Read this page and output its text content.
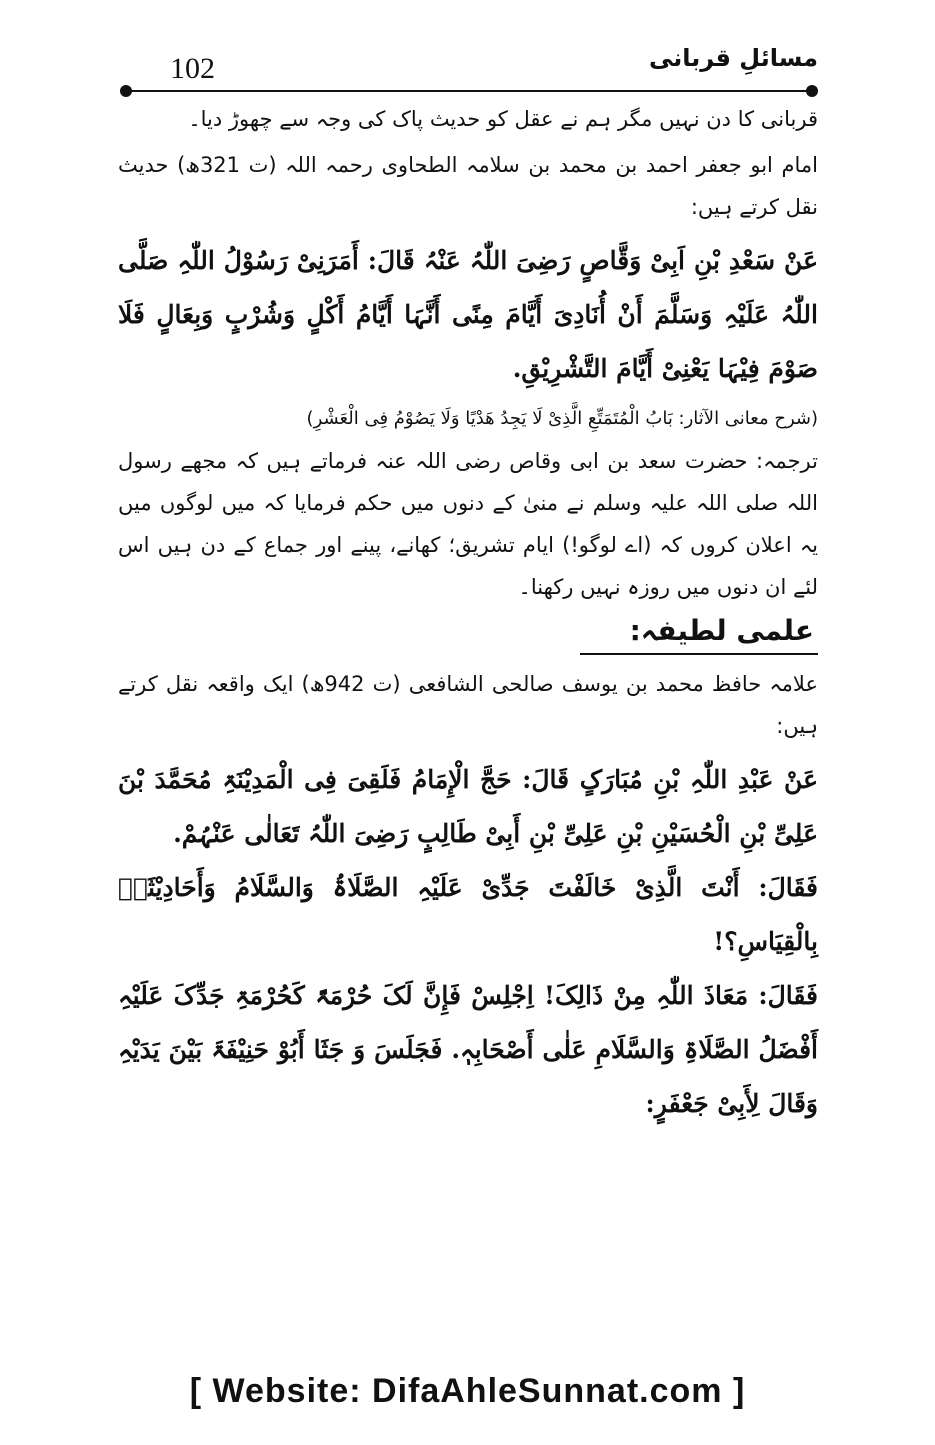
102	مسائلِ قربانی

قربانی کا دن نہیں مگر ہم نے عقل کو حدیث پاک کی وجہ سے چھوڑ دیا۔

امام ابو جعفر احمد بن محمد بن سلامہ الطحاوی رحمہ اللہ (ت 321ھ) حدیث نقل کرتے ہیں:

عَنْ سَعْدِ بْنِ اَبِیْ وَقَّاصٍ رَضِیَ اللّٰہُ عَنْہُ قَالَ: أَمَرَنِیْ رَسُوْلُ اللّٰہِ صَلَّی اللّٰہُ عَلَیْہِ وَسَلَّمَ أَنْ أُنَادِیَ أَیَّامَ مِنًی أَنَّہَا أَیَّامُ أَکْلٍ وَشُرْبٍ وَبِعَالٍ فَلَا صَوْمَ فِیْہَا یَعْنِیْ أَیَّامَ التَّشْرِیْقِ.

(شرح معانی الآثار: بَابُ الْمُتَمَتِّعِ الَّذِیْ لَا یَجِدُ ھَدْیًا وَلَا یَصُوْمُ فِی الْعَشْرِ)

ترجمہ: حضرت سعد بن ابی وقاص رضی اللہ عنہ فرماتے ہیں کہ مجھے رسول اللہ صلی اللہ علیہ وسلم نے منیٰ کے دنوں میں حکم فرمایا کہ میں لوگوں میں یہ اعلان کروں کہ (اے لوگو!) ایام تشریق؛ کھانے، پینے اور جماع کے دن ہیں اس لئے ان دنوں میں روزہ نہیں رکھنا۔

علمی لطیفہ:

علامہ حافظ محمد بن یوسف صالحی الشافعی (ت 942ھ) ایک واقعہ نقل کرتے ہیں:

عَنْ عَبْدِ اللّٰہِ بْنِ مُبَارَکٍ قَالَ: حَجَّ الْإِمَامُ فَلَقِیَ فِی الْمَدِیْنَۃِ مُحَمَّدَ بْنَ عَلِیِّ بْنِ الْحُسَیْنِ بْنِ عَلِیِّ بْنِ أَبِیْ طَالِبٍ رَضِیَ اللّٰہُ تَعَالٰی عَنْہُمْ.

فَقَالَ: أَنْتَ الَّذِیْ خَالَفْتَ جَدِّیْ عَلَیْہِ الصَّلَاۃُ وَالسَّلَامُ وَأَحَادِیْثَہٗ بِالْقِیَاسِ؟!

فَقَالَ: مَعَاذَ اللّٰہِ مِنْ ذَالِکَ! اِجْلِسْ فَإِنَّ لَکَ حُرْمَۃً کَحُرْمَۃِ جَدِّکَ عَلَیْہِ أَفْضَلُ الصَّلَاۃِ وَالسَّلَامِ عَلٰی أَصْحَابِہٖ. فَجَلَسَ وَ جَثَا أَبُوْ حَنِیْفَۃَ بَیْنَ یَدَیْہِ وَقَالَ لِأَبِیْ جَعْفَرٍ:

[ Website: DifaAhleSunnat.com ]
